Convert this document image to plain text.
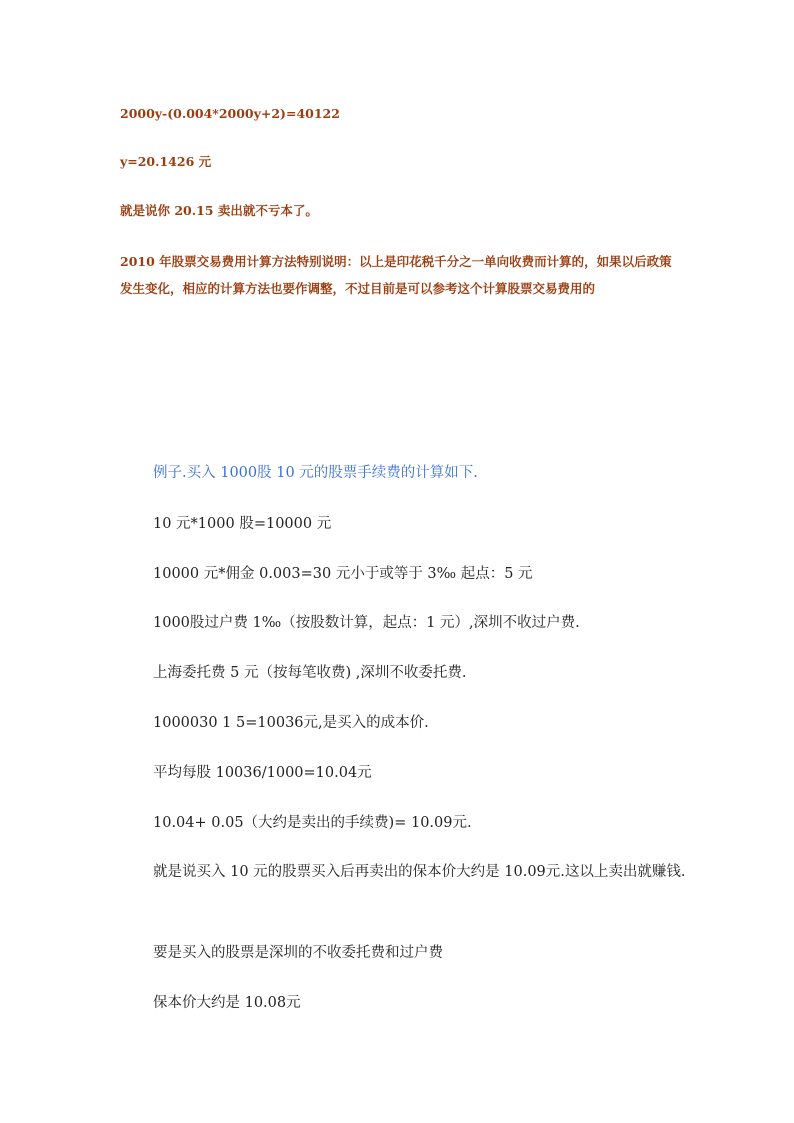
2000y-(0.004*2000y+2)=40122
y=20.1426 元
就是说你 20.15 卖出就不亏本了。
2010 年股票交易费用计算方法特别说明：以上是印花税千分之一单向收费而计算的，如果以后政策发生变化，相应的计算方法也要作调整，不过目前是可以参考这个计算股票交易费用的
例子.买入 1000股 10 元的股票手续费的计算如下.
10 元*1000 股=10000 元
10000 元*佣金 0.003=30 元小于或等于 3‰ 起点：5 元
1000股过户费 1‰（按股数计算，起点：1 元）,深圳不收过户费.
上海委托费 5 元（按每笔收费) ,深圳不收委托费.
1000030 1 5=10036元,是买入的成本价.
平均每股 10036/1000=10.04元
10.04+ 0.05（大约是卖出的手续费)= 10.09元.
就是说买入 10 元的股票买入后再卖出的保本价大约是 10.09元.这以上卖出就赚钱.
要是买入的股票是深圳的不收委托费和过户费
保本价大约是 10.08元
